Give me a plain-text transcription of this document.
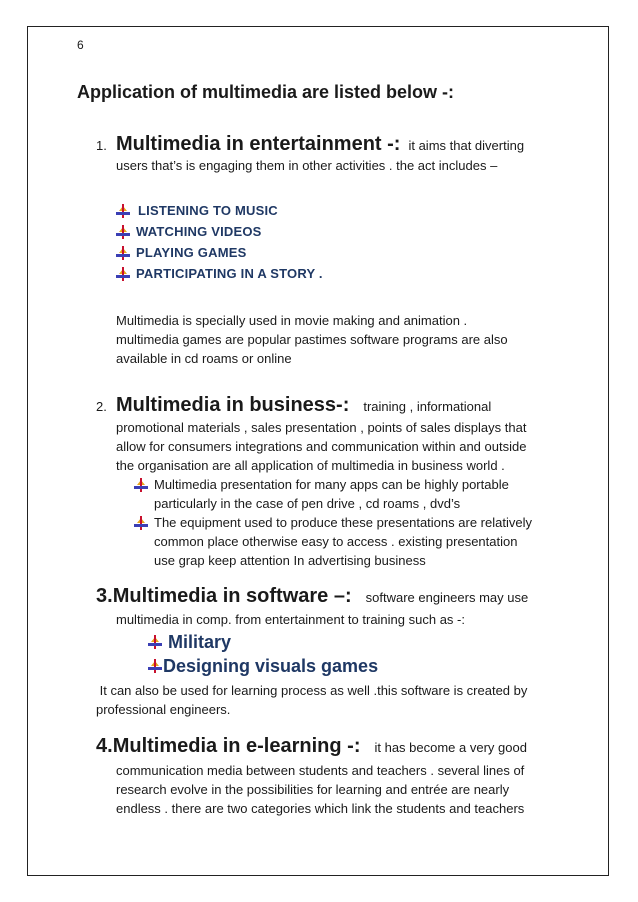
6
Application of multimedia are listed below -:
1. Multimedia in entertainment -: it aims that diverting
users that’s is engaging them in other activities . the act includes –
LISTENING TO MUSIC
WATCHING VIDEOS
PLAYING GAMES
PARTICIPATING IN A STORY .
Multimedia is specially used in movie making and animation .
multimedia games are popular pastimes software programs are also
available in cd roams or online
2. Multimedia in business-: training , informational
promotional materials , sales presentation , points of sales displays that
allow for consumers integrations and communication within and outside
the organisation are all application of multimedia in business world .
Multimedia presentation for many apps can be highly portable
particularly in the case of pen drive , cd roams , dvd’s
The equipment used to produce these presentations are relatively
common place otherwise easy to access . existing presentation
use grap keep attention In advertising business
3. Multimedia in software –: software engineers may use
multimedia in comp. from entertainment to training such as -:
Military
Designing visuals games
It can also be used for learning process as well .this software is created by
professional engineers.
4. Multimedia in e-learning -: it has become a very good
communication media between students and teachers . several lines of
research evolve in the possibilities for learning and entrée are nearly
endless . there are two categories which link the students and teachers
